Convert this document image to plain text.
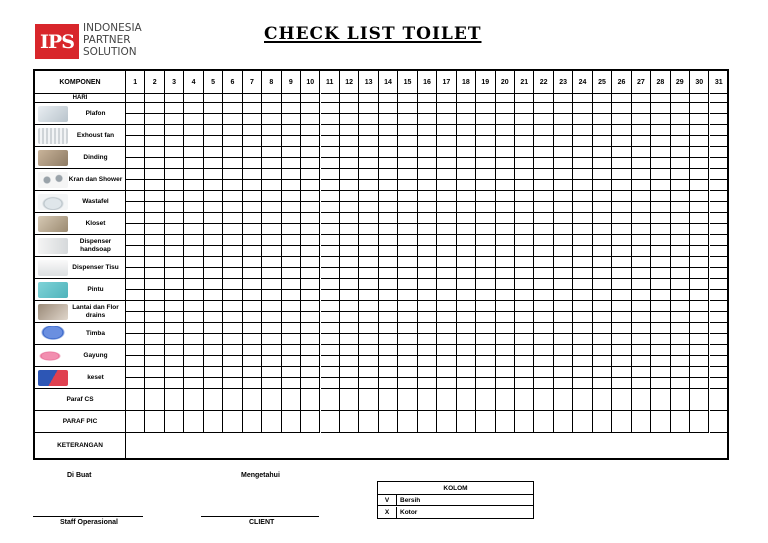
IPS
INDONESIA
PARTNER
SOLUTION
CHECK LIST TOILET
KOMPONEN	1	2	3	4	5	6	7	8	9	10	11	12	13	14	15	16	17	18	19	20	21	22	23	24	25	26	27	28	29	30	31
HARI
Plafon
Exhoust fan
Dinding
Kran dan Shower
Wastafel
Kloset
Dispenser handsoap
Dispenser Tisu
Pintu
Lantai dan Flor drains
Timba
Gayung
keset
Paraf CS
PARAF PIC
KETERANGAN
Di Buat	Mengetahui
Staff Operasional	CLIENT
KOLOM
V	Bersih
X	Kotor
